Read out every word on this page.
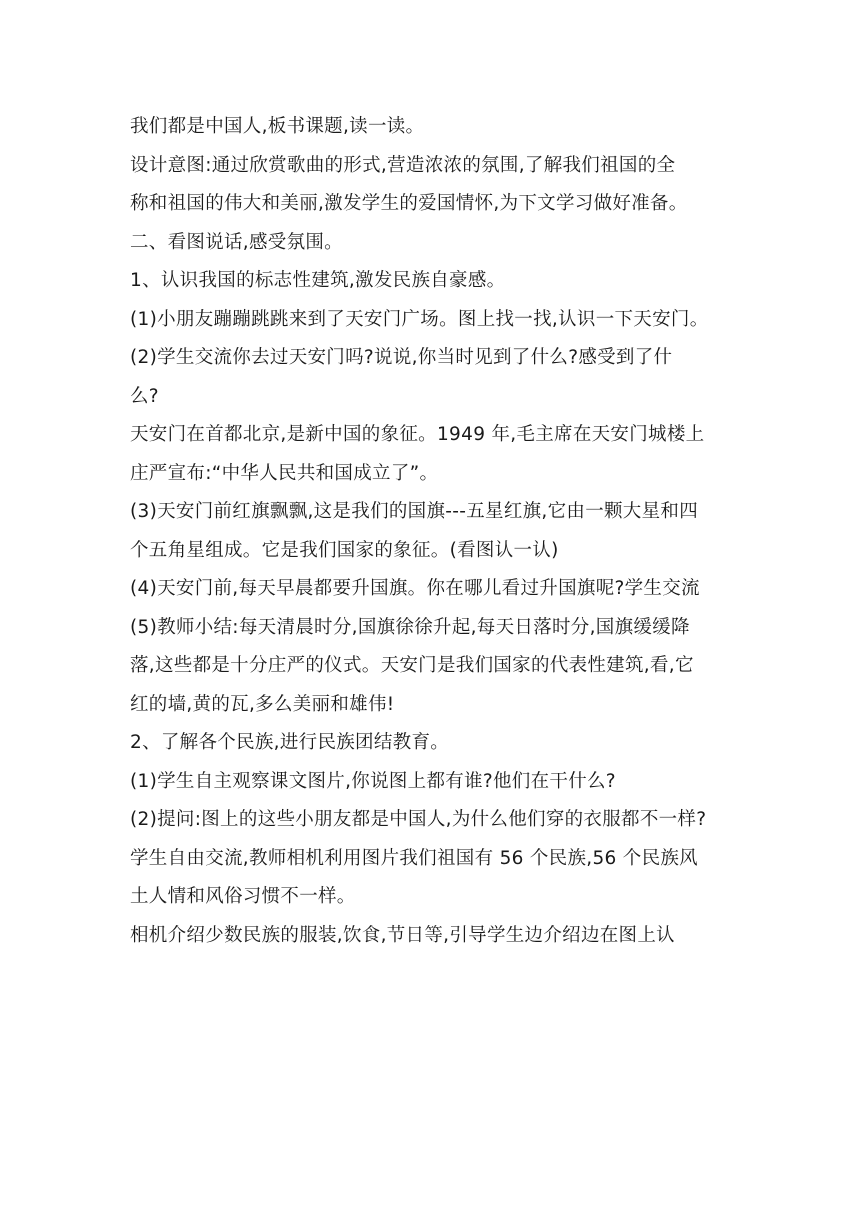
我们都是中国人,板书课题,读一读。
设计意图:通过欣赏歌曲的形式,营造浓浓的氛围,了解我们祖国的全
称和祖国的伟大和美丽,激发学生的爱国情怀,为下文学习做好准备。
二、看图说话,感受氛围。
1、认识我国的标志性建筑,激发民族自豪感。
(1)小朋友蹦蹦跳跳来到了天安门广场。图上找一找,认识一下天安门。
(2)学生交流你去过天安门吗?说说,你当时见到了什么?感受到了什
么?
天安门在首都北京,是新中国的象征。1949 年,毛主席在天安门城楼上
庄严宣布:“中华人民共和国成立了”。
(3)天安门前红旗飘飘,这是我们的国旗---五星红旗,它由一颗大星和四
个五角星组成。它是我们国家的象征。(看图认一认)
(4)天安门前,每天早晨都要升国旗。你在哪儿看过升国旗呢?学生交流
(5)教师小结:每天清晨时分,国旗徐徐升起,每天日落时分,国旗缓缓降
落,这些都是十分庄严的仪式。天安门是我们国家的代表性建筑,看,它
红的墙,黄的瓦,多么美丽和雄伟!
2、了解各个民族,进行民族团结教育。
(1)学生自主观察课文图片,你说图上都有谁?他们在干什么?
(2)提问:图上的这些小朋友都是中国人,为什么他们穿的衣服都不一样?
学生自由交流,教师相机利用图片我们祖国有 56 个民族,56 个民族风
土人情和风俗习惯不一样。
相机介绍少数民族的服装,饮食,节日等,引导学生边介绍边在图上认
